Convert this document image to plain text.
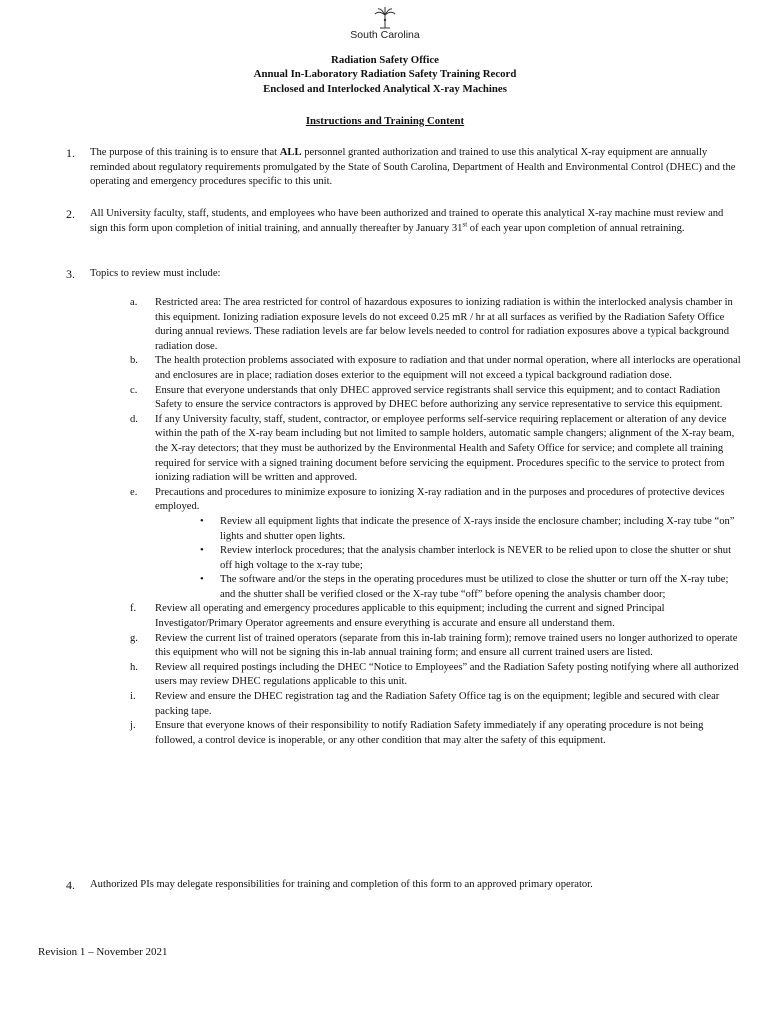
South Carolina
Radiation Safety Office
Annual In-Laboratory Radiation Safety Training Record
Enclosed and Interlocked Analytical X-ray Machines
Instructions and Training Content
1. The purpose of this training is to ensure that ALL personnel granted authorization and trained to use this analytical X-ray equipment are annually reminded about regulatory requirements promulgated by the State of South Carolina, Department of Health and Environmental Control (DHEC) and the operating and emergency procedures specific to this unit.
2. All University faculty, staff, students, and employees who have been authorized and trained to operate this analytical X-ray machine must review and sign this form upon completion of initial training, and annually thereafter by January 31st of each year upon completion of annual retraining.
3. Topics to review must include:
a.	Restricted area: The area restricted for control of hazardous exposures to ionizing radiation is within the interlocked analysis chamber in this equipment. Ionizing radiation exposure levels do not exceed 0.25 mR / hr at all surfaces as verified by the Radiation Safety Office during annual reviews. These radiation levels are far below levels needed to control for radiation exposures above a typical background radiation dose.
b.	The health protection problems associated with exposure to radiation and that under normal operation, where all interlocks are operational and enclosures are in place; radiation doses exterior to the equipment will not exceed a typical background radiation dose.
c.	Ensure that everyone understands that only DHEC approved service registrants shall service this equipment; and to contact Radiation Safety to ensure the service contractors is approved by DHEC before authorizing any service representative to service this equipment.
d.	If any University faculty, staff, student, contractor, or employee performs self-service requiring replacement or alteration of any device within the path of the X-ray beam including but not limited to sample holders, automatic sample changers; alignment of the X-ray beam, the X-ray detectors; that they must be authorized by the Environmental Health and Safety Office for service; and complete all training required for service with a signed training document before servicing the equipment. Procedures specific to the service to protect from ionizing radiation will be written and approved.
e.	Precautions and procedures to minimize exposure to ionizing X-ray radiation and in the purposes and procedures of protective devices employed.
• Review all equipment lights that indicate the presence of X-rays inside the enclosure chamber; including X-ray tube “on” lights and shutter open lights.
• Review interlock procedures; that the analysis chamber interlock is NEVER to be relied upon to close the shutter or shut off high voltage to the x-ray tube;
• The software and/or the steps in the operating procedures must be utilized to close the shutter or turn off the X-ray tube; and the shutter shall be verified closed or the X-ray tube “off” before opening the analysis chamber door;
f.	Review all operating and emergency procedures applicable to this equipment; including the current and signed Principal Investigator/Primary Operator agreements and ensure everything is accurate and ensure all understand them.
g.	Review the current list of trained operators (separate from this in-lab training form); remove trained users no longer authorized to operate this equipment who will not be signing this in-lab annual training form; and ensure all current trained users are listed.
h.	Review all required postings including the DHEC “Notice to Employees” and the Radiation Safety posting notifying where all authorized users may review DHEC regulations applicable to this unit.
i.	Review and ensure the DHEC registration tag and the Radiation Safety Office tag is on the equipment; legible and secured with clear packing tape.
j.	Ensure that everyone knows of their responsibility to notify Radiation Safety immediately if any operating procedure is not being followed, a control device is inoperable, or any other condition that may alter the safety of this equipment.
4. Authorized PIs may delegate responsibilities for training and completion of this form to an approved primary operator.
Revision 1 – November 2021
